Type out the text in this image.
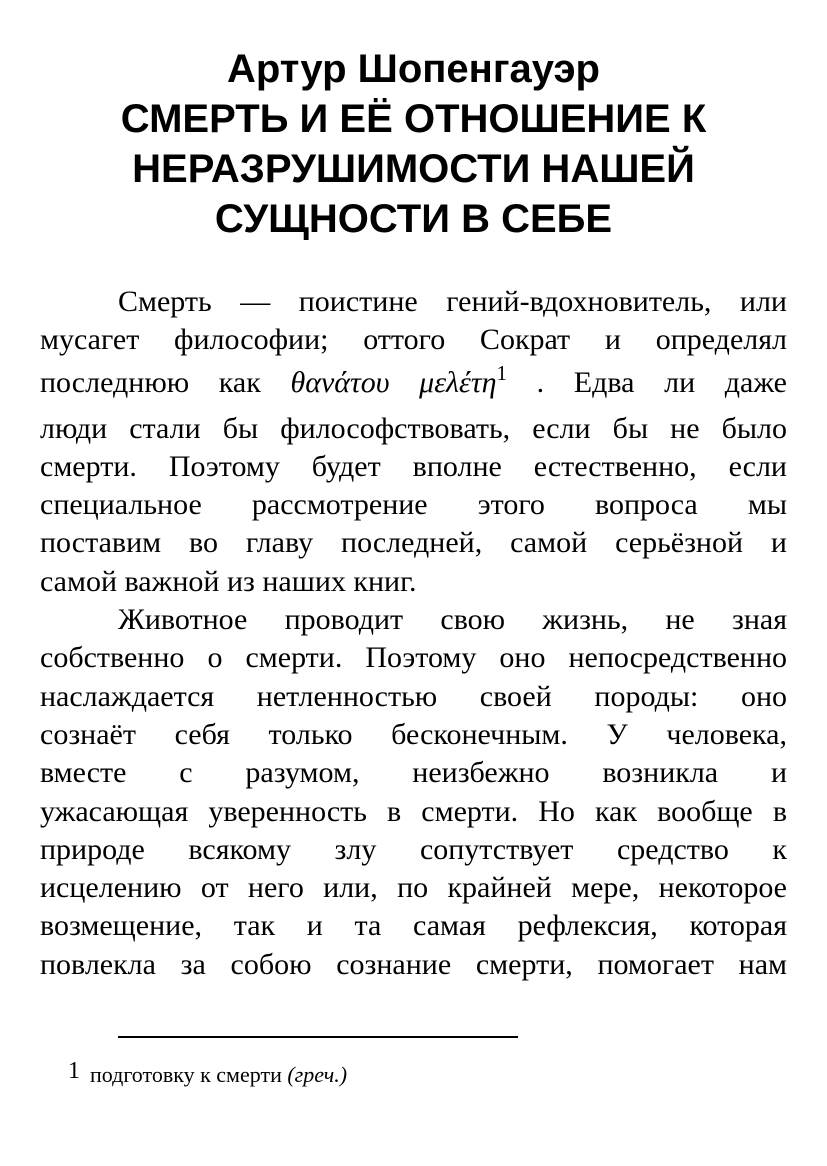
Артур Шопенгауэр
СМЕРТЬ И ЕЁ ОТНОШЕНИЕ К
НЕРАЗРУШИМОСТИ НАШЕЙ
СУЩНОСТИ В СЕБЕ
Смерть — поистине гений-вдохновитель, или
мусагет философии; оттого Сократ и определял
последнюю как θανάτου μελέτη$^1$ . Едва ли даже
люди стали бы философствовать, если бы не было
смерти. Поэтому будет вполне естественно, если
специальное рассмотрение этого вопроса мы
поставим во главу последней, самой серьёзной и
самой важной из наших книг.
Животное проводит свою жизнь, не зная
собственно о смерти. Поэтому оно непосредственно
наслаждается нетленностью своей породы: оно
сознаёт себя только бесконечным. У человека,
вместе с разумом, неизбежно возникла и
ужасающая уверенность в смерти. Но как вообще в
природе всякому злу сопутствует средство к
исцелению от него или, по крайней мере, некоторое
возмещение, так и та самая рефлексия, которая
повлекла за собою сознание смерти, помогает нам
1 подготовку к смерти (греч.)
